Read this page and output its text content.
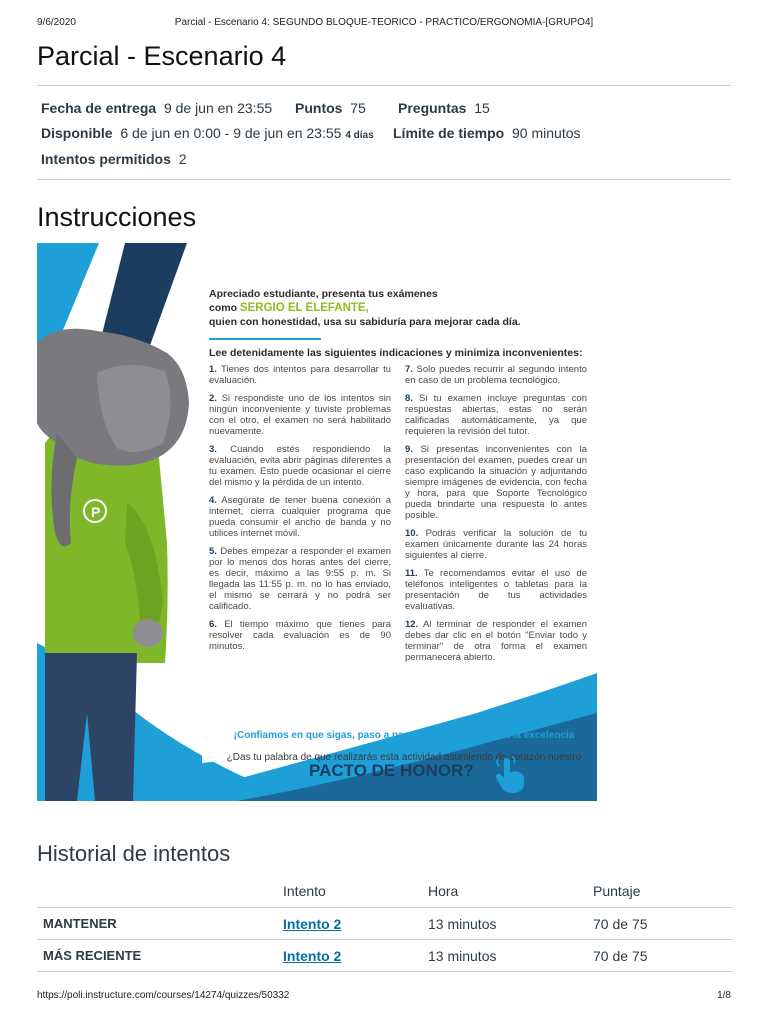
9/6/2020	Parcial - Escenario 4: SEGUNDO BLOQUE-TEORICO - PRACTICO/ERGONOMIA-[GRUPO4]
Parcial - Escenario 4
Fecha de entrega 9 de jun en 23:55 Puntos 75 Preguntas 15
Disponible 6 de jun en 0:00 - 9 de jun en 23:55 4 días Límite de tiempo 90 minutos
Intentos permitidos 2
Instrucciones
P
Apreciado estudiante, presenta tus exámenes
como SERGIO EL ELEFANTE,
quien con honestidad, usa su sabiduría para mejorar cada día.
Lee detenidamente las siguientes indicaciones y minimiza inconvenientes:
1. Tienes dos intentos para desarrollar tu evaluación.
2. Si respondiste uno de los intentos sin ningún inconveniente y tuviste problemas con el otro, el examen no será habilitado nuevamente.
3. Cuando estés respondiendo la evaluación, evita abrir páginas diferentes a tu examen. Esto puede ocasionar el cierre del mismo y la pérdida de un intento.
4. Asegúrate de tener buena conexión a internet, cierra cualquier programa que pueda consumir el ancho de banda y no utilices internet móvil.
5. Debes empezar a responder el examen por lo menos dos horas antes del cierre, es decir, máximo a las 9:55 p. m. Si llegada las 11:55 p. m. no lo has enviado, el mismo se cerrará y no podrá ser calificado.
6. El tiempo máximo que tienes para resolver cada evaluación es de 90 minutos.
7. Solo puedes recurrir al segundo intento en caso de un problema tecnológico.
8. Si tu examen incluye preguntas con respuestas abiertas, estas no serán calificadas automáticamente, ya que requieren la revisión del tutor.
9. Si presentas inconvenientes con la presentación del examen, puedes crear un caso explicando la situación y adjuntando siempre imágenes de evidencia, con fecha y hora, para que Soporte Tecnológico pueda brindarte una respuesta lo antes posible.
10. Podrás verificar la solución de tu examen únicamente durante las 24 horas siguientes al cierre.
11. Te recomendamos evitar el uso de teléfonos inteligentes o tabletas para la presentación de tus actividades evaluativas.
12. Al terminar de responder el examen debes dar clic en el botón "Enviar todo y terminar" de otra forma el examen permanecerá abierto.
¡Confiamos en que sigas, paso a paso, en el camino hacia la excelencia académica!
¿Das tu palabra de que realizarás esta actividad asumiendo de corazón nuestro
PACTO DE HONOR?
Historial de intentos
	Intento	Hora	Puntaje
MANTENER	Intento 2	13 minutos	70 de 75
MÁS RECIENTE	Intento 2	13 minutos	70 de 75
https://poli.instructure.com/courses/14274/quizzes/50332	1/8
